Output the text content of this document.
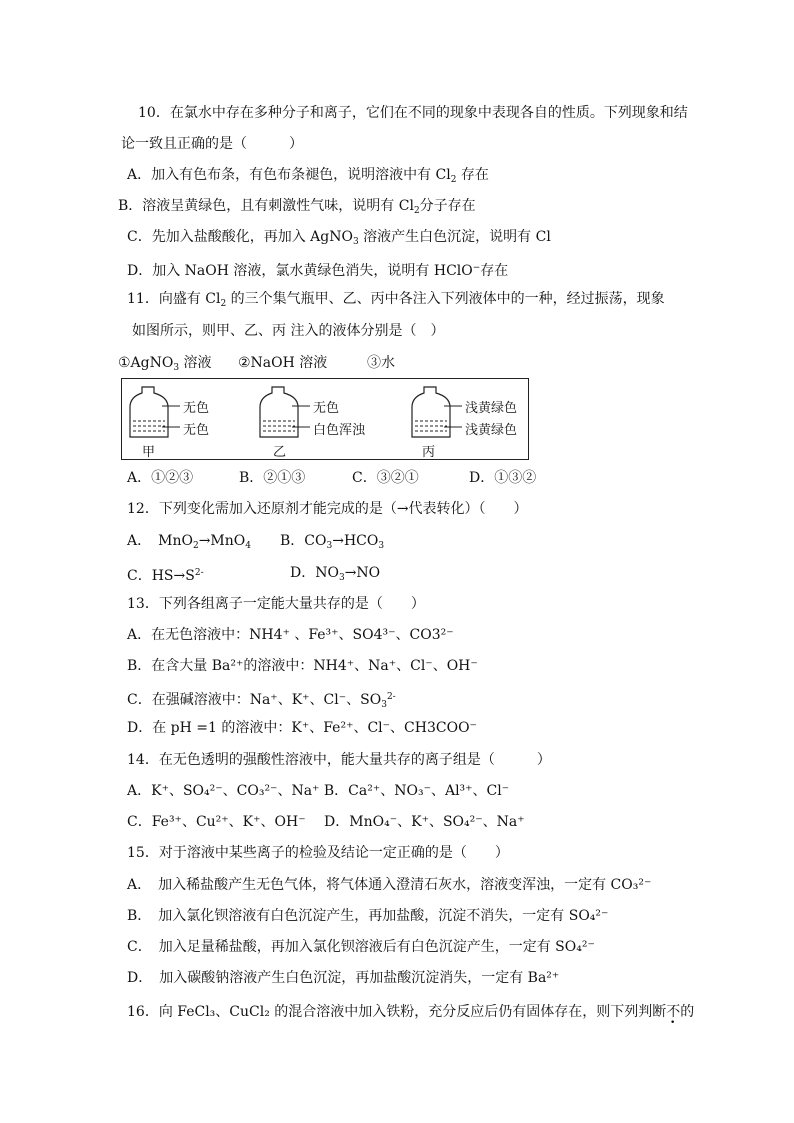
10．在氯水中存在多种分子和离子，它们在不同的现象中表现各自的性质。下列现象和结
论一致且正确的是（　　　）
A．加入有色布条，有色布条褪色，说明溶液中有 $Cl_2$ 存在
B．溶液呈黄绿色，且有刺激性气味，说明有 $Cl_2$分子存在
C．先加入盐酸酸化，再加入 AgNO$_3$ 溶液产生白色沉淀，说明有 Cl
D．加入 NaOH 溶液，氯水黄绿色消失，说明有 HClO−存在
11．向盛有 $Cl_2$ 的三个集气瓶甲、乙、丙中各注入下列液体中的一种，经过振荡，现象
如图所示，则甲、乙、丙 注入的液体分别是（　）
①AgNO$_3$ 溶液 ②NaOH 溶液	③水
无色
无色
甲
无色
白色浑浊
乙
浅黄绿色
浅黄绿色
丙
A．①②③	B．②①③	C．③②①	D．①③②
12．下列变化需加入还原剂才能完成的是（→代表转化）（　　）
A．　MnO$_2$→MnO$_4$ B．$CO_3\to HCO_3$
C．$HS\to S^{2-}$	D．$NO_3\to NO$
13．下列各组离子一定能大量共存的是（　　）
A．在无色溶液中：NH4⁺ 、Fe³⁺、SO4³⁻、CO3²⁻
B．在含大量 Ba²⁺的溶液中：NH4⁺、Na⁺、Cl⁻、OH⁻
C．在强碱溶液中：Na⁺、K⁺、Cl⁻、$SO_3^{2-}$
D．在 pH =1 的溶液中：K⁺、Fe²⁺、Cl⁻、CH3COO⁻
14．在无色透明的强酸性溶液中，能大量共存的离子组是（　　　）
A．K⁺、SO₄²⁻、CO₃²⁻、Na⁺ B．Ca²⁺、NO₃⁻、Al³⁺、Cl⁻
C．Fe³⁺、Cu²⁺、K⁺、OH⁻　 D．MnO₄⁻、K⁺、SO₄²⁻、Na⁺
15．对于溶液中某些离子的检验及结论一定正确的是（　　）
A．　加入稀盐酸产生无色气体，将气体通入澄清石灰水，溶液变浑浊，一定有 CO₃²⁻
B．　加入氯化钡溶液有白色沉淀产生，再加盐酸，沉淀不消失，一定有 SO₄²⁻
C．　加入足量稀盐酸，再加入氯化钡溶液后有白色沉淀产生，一定有 SO₄²⁻
D．　加入碳酸钠溶液产生白色沉淀，再加盐酸沉淀消失，一定有 Ba²⁺
16．向 FeCl₃、CuCl₂ 的混合溶液中加入铁粉，充分反应后仍有固体存在，则下列判断不的
